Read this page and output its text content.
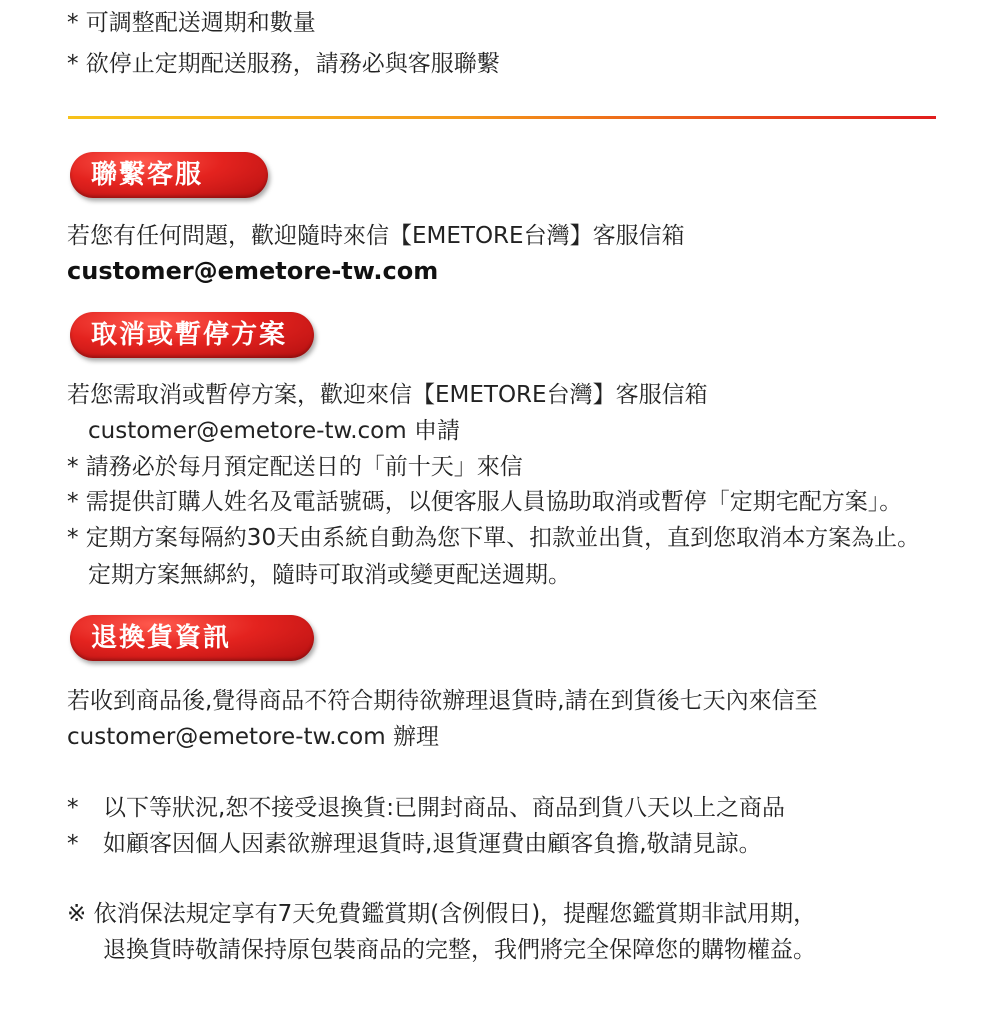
* 可調整配送週期和數量
* 欲停止定期配送服務，請務必與客服聯繫
聯繫客服
若您有任何問題，歡迎隨時來信【EMETORE台灣】客服信箱
customer@emetore-tw.com
取消或暫停方案
若您需取消或暫停方案，歡迎來信【EMETORE台灣】客服信箱
customer@emetore-tw.com 申請
* 請務必於每月預定配送日的「前十天」來信
* 需提供訂購人姓名及電話號碼，以便客服人員協助取消或暫停「定期宅配方案」。
* 定期方案每隔約30天由系統自動為您下單、扣款並出貨，直到您取消本方案為止。
定期方案無綁約，隨時可取消或變更配送週期。
退換貨資訊
若收到商品後,覺得商品不符合期待欲辦理退貨時,請在到貨後七天內來信至
customer@emetore-tw.com 辦理
* 以下等狀況,恕不接受退換貨:已開封商品、商品到貨八天以上之商品
* 如顧客因個人因素欲辦理退貨時,退貨運費由顧客負擔,敬請見諒。
※ 依消保法規定享有7天免費鑑賞期(含例假日)，提醒您鑑賞期非試用期，
退換貨時敬請保持原包裝商品的完整，我們將完全保障您的購物權益。
